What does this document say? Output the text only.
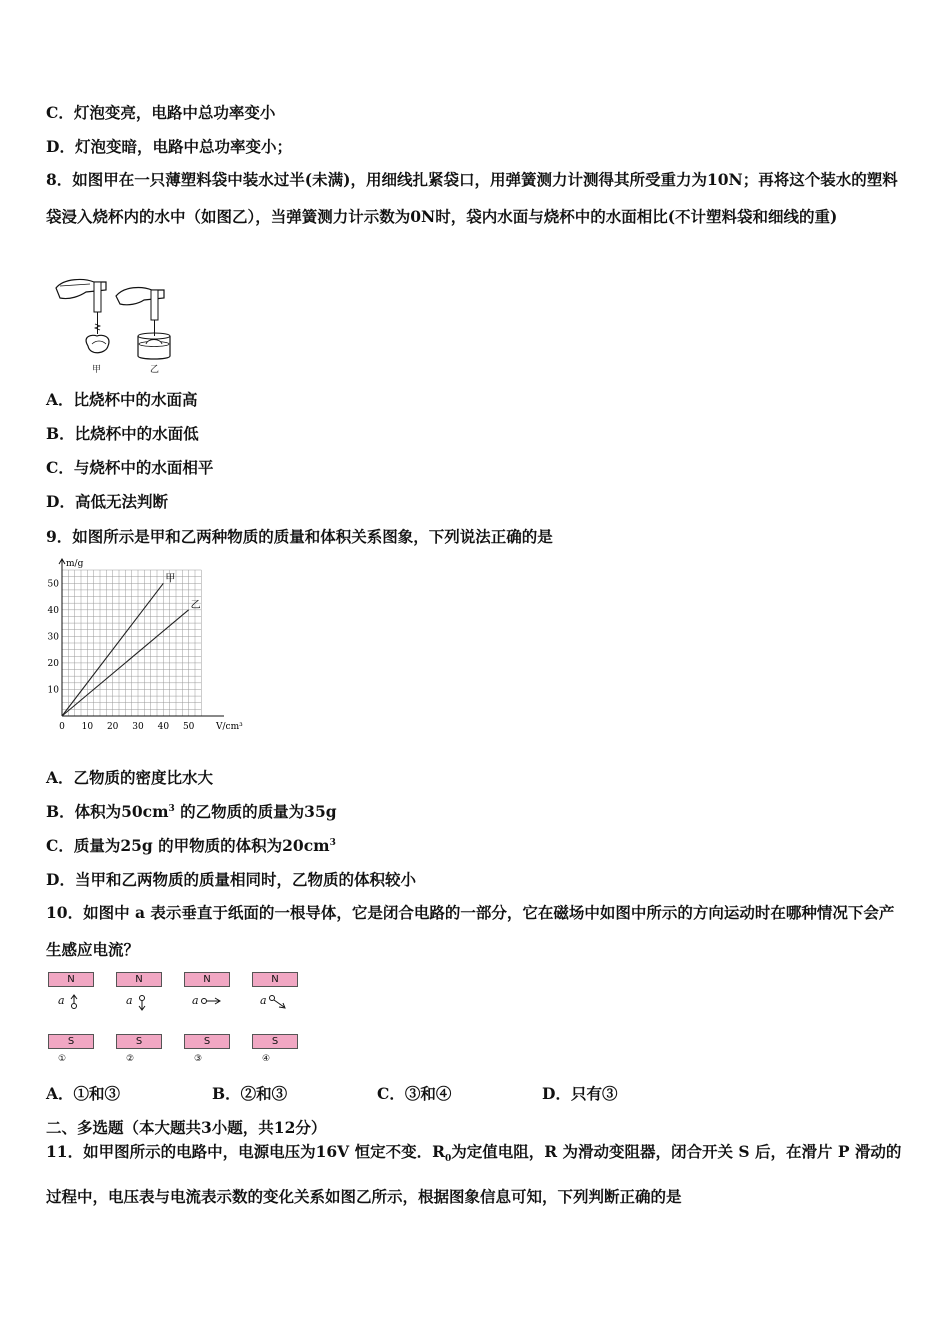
C．灯泡变亮，电路中总功率变小
D．灯泡变暗，电路中总功率变小；
8．如图甲在一只薄塑料袋中装水过半(未满)，用细线扎紧袋口，用弹簧测力计测得其所受重力为10N；再将这个装水的塑料袋浸入烧杯内的水中（如图乙），当弹簧测力计示数为0N时，袋内水面与烧杯中的水面相比(不计塑料袋和细线的重)
甲	乙
A．比烧杯中的水面高
B．比烧杯中的水面低
C．与烧杯中的水面相平
D．高低无法判断
9．如图所示是甲和乙两种物质的质量和体积关系图象，下列说法正确的是
0 10 20 30 40 50
10
20
30
40
50
m/g
V/cm³
甲
乙
A．乙物质的密度比水大
B．体积为$50cm^3$ 的乙物质的质量为35g
C．质量为25g 的甲物质的体积为$20cm^3$
D．当甲和乙两物质的质量相同时，乙物质的体积较小
10．如图中 a 表示垂直于纸面的一根导体，它是闭合电路的一部分，它在磁场中如图中所示的方向运动时在哪种情况下会产生感应电流？
N
a
S
①
N
a
S
②
N
a
S
③
N
a
S
④
A．①和③	B．②和③	C．③和④	D．只有③
二、多选题（本大题共3小题，共12分）
11．如甲图所示的电路中，电源电压为16V 恒定不变．$R_0$为定值电阻，R 为滑动变阻器，闭合开关 S 后，在滑片 P 滑动的过程中，电压表与电流表示数的变化关系如图乙所示，根据图象信息可知，下列判断正确的是
